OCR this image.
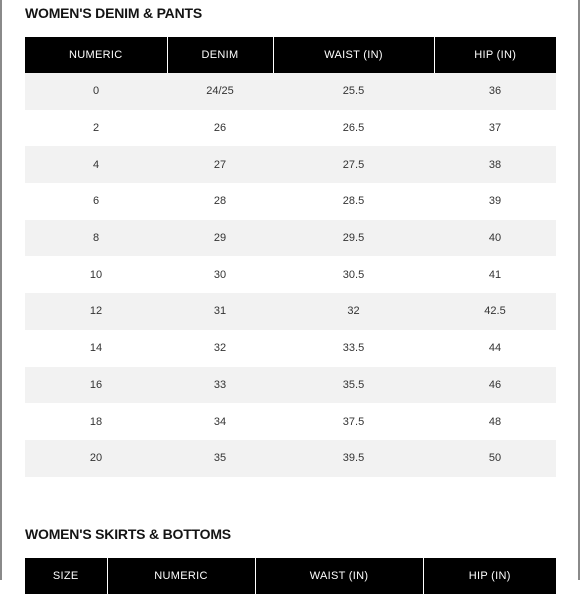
WOMEN'S DENIM & PANTS
NUMERIC	DENIM	WAIST (IN)	HIP (IN)
0	24/25	25.5	36
2	26	26.5	37
4	27	27.5	38
6	28	28.5	39
8	29	29.5	40
10	30	30.5	41
12	31	32	42.5
14	32	33.5	44
16	33	35.5	46
18	34	37.5	48
20	35	39.5	50
WOMEN'S SKIRTS & BOTTOMS
SIZE	NUMERIC	WAIST (IN)	HIP (IN)
